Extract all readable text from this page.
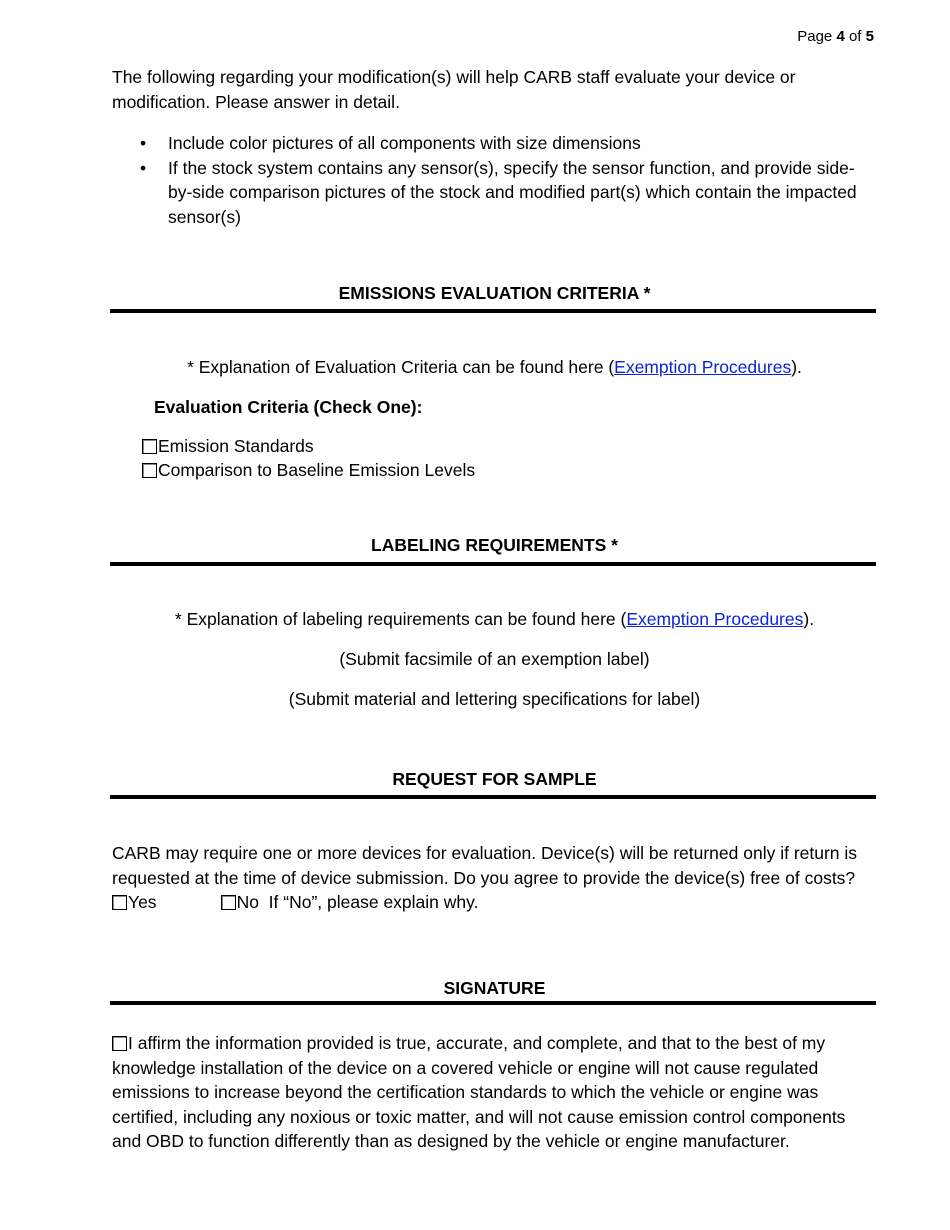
Page 4 of 5
The following regarding your modification(s) will help CARB staff evaluate your device or modification. Please answer in detail.
• Include color pictures of all components with size dimensions
• If the stock system contains any sensor(s), specify the sensor function, and provide side-by-side comparison pictures of the stock and modified part(s) which contain the impacted sensor(s)
EMISSIONS EVALUATION CRITERIA *
* Explanation of Evaluation Criteria can be found here (Exemption Procedures).
Evaluation Criteria (Check One):
Emission Standards
Comparison to Baseline Emission Levels
LABELING REQUIREMENTS *
* Explanation of labeling requirements can be found here (Exemption Procedures).
(Submit facsimile of an exemption label)
(Submit material and lettering specifications for label)
REQUEST FOR SAMPLE
CARB may require one or more devices for evaluation. Device(s) will be returned only if return is requested at the time of device submission. Do you agree to provide the device(s) free of costs?  Yes	No If “No”, please explain why.
SIGNATURE
I affirm the information provided is true, accurate, and complete, and that to the best of my knowledge installation of the device on a covered vehicle or engine will not cause regulated emissions to increase beyond the certification standards to which the vehicle or engine was certified, including any noxious or toxic matter, and will not cause emission control components and OBD to function differently than as designed by the vehicle or engine manufacturer.
